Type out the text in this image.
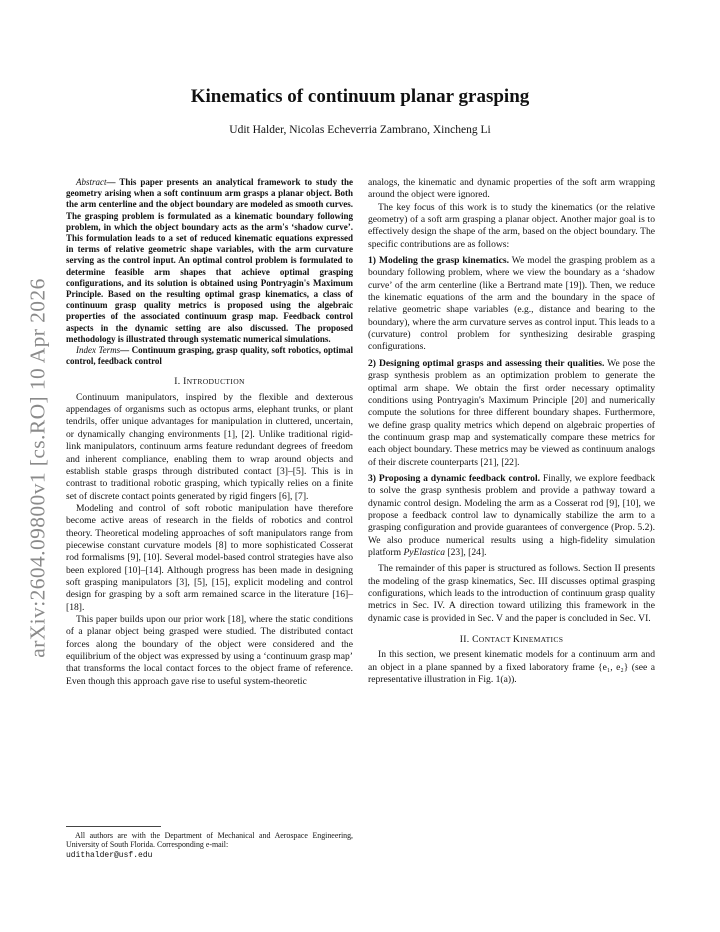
arXiv:2604.09800v1 [cs.RO] 10 Apr 2026
Kinematics of continuum planar grasping
Udit Halder, Nicolas Echeverria Zambrano, Xincheng Li

Abstract— This paper presents an analytical framework to study the geometry arising when a soft continuum arm grasps a planar object. Both the arm centerline and the object boundary are modeled as smooth curves. The grasping problem is formulated as a kinematic boundary following problem, in which the object boundary acts as the arm's ‘shadow curve’. This formulation leads to a set of reduced kinematic equations expressed in terms of relative geometric shape variables, with the arm curvature serving as the control input. An optimal control problem is formulated to determine feasible arm shapes that achieve optimal grasping configurations, and its solution is obtained using Pontryagin's Maximum Principle. Based on the resulting optimal grasp kinematics, a class of continuum grasp quality metrics is proposed using the algebraic properties of the associated continuum grasp map. Feedback control aspects in the dynamic setting are also discussed. The proposed methodology is illustrated through systematic numerical simulations.

Index Terms— Continuum grasping, grasp quality, soft robotics, optimal control, feedback control

I. INTRODUCTION

Continuum manipulators, inspired by the flexible and dexterous appendages of organisms such as octopus arms, elephant trunks, or plant tendrils, offer unique advantages for manipulation in cluttered, uncertain, or dynamically changing environments [1], [2]. Unlike traditional rigid-link manipulators, continuum arms feature redundant degrees of freedom and inherent compliance, enabling them to wrap around objects and establish stable grasps through distributed contact [3]–[5]. This is in contrast to traditional robotic grasping, which typically relies on a finite set of discrete contact points generated by rigid fingers [6], [7].

Modeling and control of soft robotic manipulation have therefore become active areas of research in the fields of robotics and control theory. Theoretical modeling approaches of soft manipulators range from piecewise constant curvature models [8] to more sophisticated Cosserat rod formalisms [9], [10]. Several model-based control strategies have also been explored [10]–[14]. Although progress has been made in designing soft grasping manipulators [3], [5], [15], explicit modeling and control design for grasping by a soft arm remained scarce in the literature [16]–[18].

This paper builds upon our prior work [18], where the static conditions of a planar object being grasped were studied. The distributed contact forces along the boundary of the object were considered and the equilibrium of the object was expressed by using a ‘continuum grasp map’ that transforms the local contact forces to the object frame of reference. Even though this approach gave rise to useful system-theoretic

analogs, the kinematic and dynamic properties of the soft arm wrapping around the object were ignored.

The key focus of this work is to study the kinematics (or the relative geometry) of a soft arm grasping a planar object. Another major goal is to effectively design the shape of the arm, based on the object boundary. The specific contributions are as follows:

1) Modeling the grasp kinematics. We model the grasping problem as a boundary following problem, where we view the boundary as a ‘shadow curve’ of the arm centerline (like a Bertrand mate [19]). Then, we reduce the kinematic equations of the arm and the boundary in the space of relative geometric shape variables (e.g., distance and bearing to the boundary), where the arm curvature serves as control input. This leads to a (curvature) control problem for synthesizing desirable grasping configurations.

2) Designing optimal grasps and assessing their qualities. We pose the grasp synthesis problem as an optimization problem to generate the optimal arm shape. We obtain the first order necessary optimality conditions using Pontryagin's Maximum Principle [20] and numerically compute the solutions for three different boundary shapes. Furthermore, we define grasp quality metrics which depend on algebraic properties of the continuum grasp map and systematically compare these metrics for each object boundary. These metrics may be viewed as continuum analogs of their discrete counterparts [21], [22].

3) Proposing a dynamic feedback control. Finally, we explore feedback to solve the grasp synthesis problem and provide a pathway toward a dynamic control design. Modeling the arm as a Cosserat rod [9], [10], we propose a feedback control law to dynamically stabilize the arm to a grasping configuration and provide guarantees of convergence (Prop. 5.2). We also produce numerical results using a high-fidelity simulation platform PyElastica [23], [24].

The remainder of this paper is structured as follows. Section II presents the modeling of the grasp kinematics, Sec. III discusses optimal grasping configurations, which leads to the introduction of continuum grasp quality metrics in Sec. IV. A direction toward utilizing this framework in the dynamic case is provided in Sec. V and the paper is concluded in Sec. VI.

II. CONTACT KINEMATICS

In this section, we present kinematic models for a continuum arm and an object in a plane spanned by a fixed laboratory frame {e₁, e₂} (see a representative illustration in Fig. 1(a)).

All authors are with the Department of Mechanical and Aerospace Engineering, University of South Florida. Corresponding e-mail:
udithalder@usf.edu
